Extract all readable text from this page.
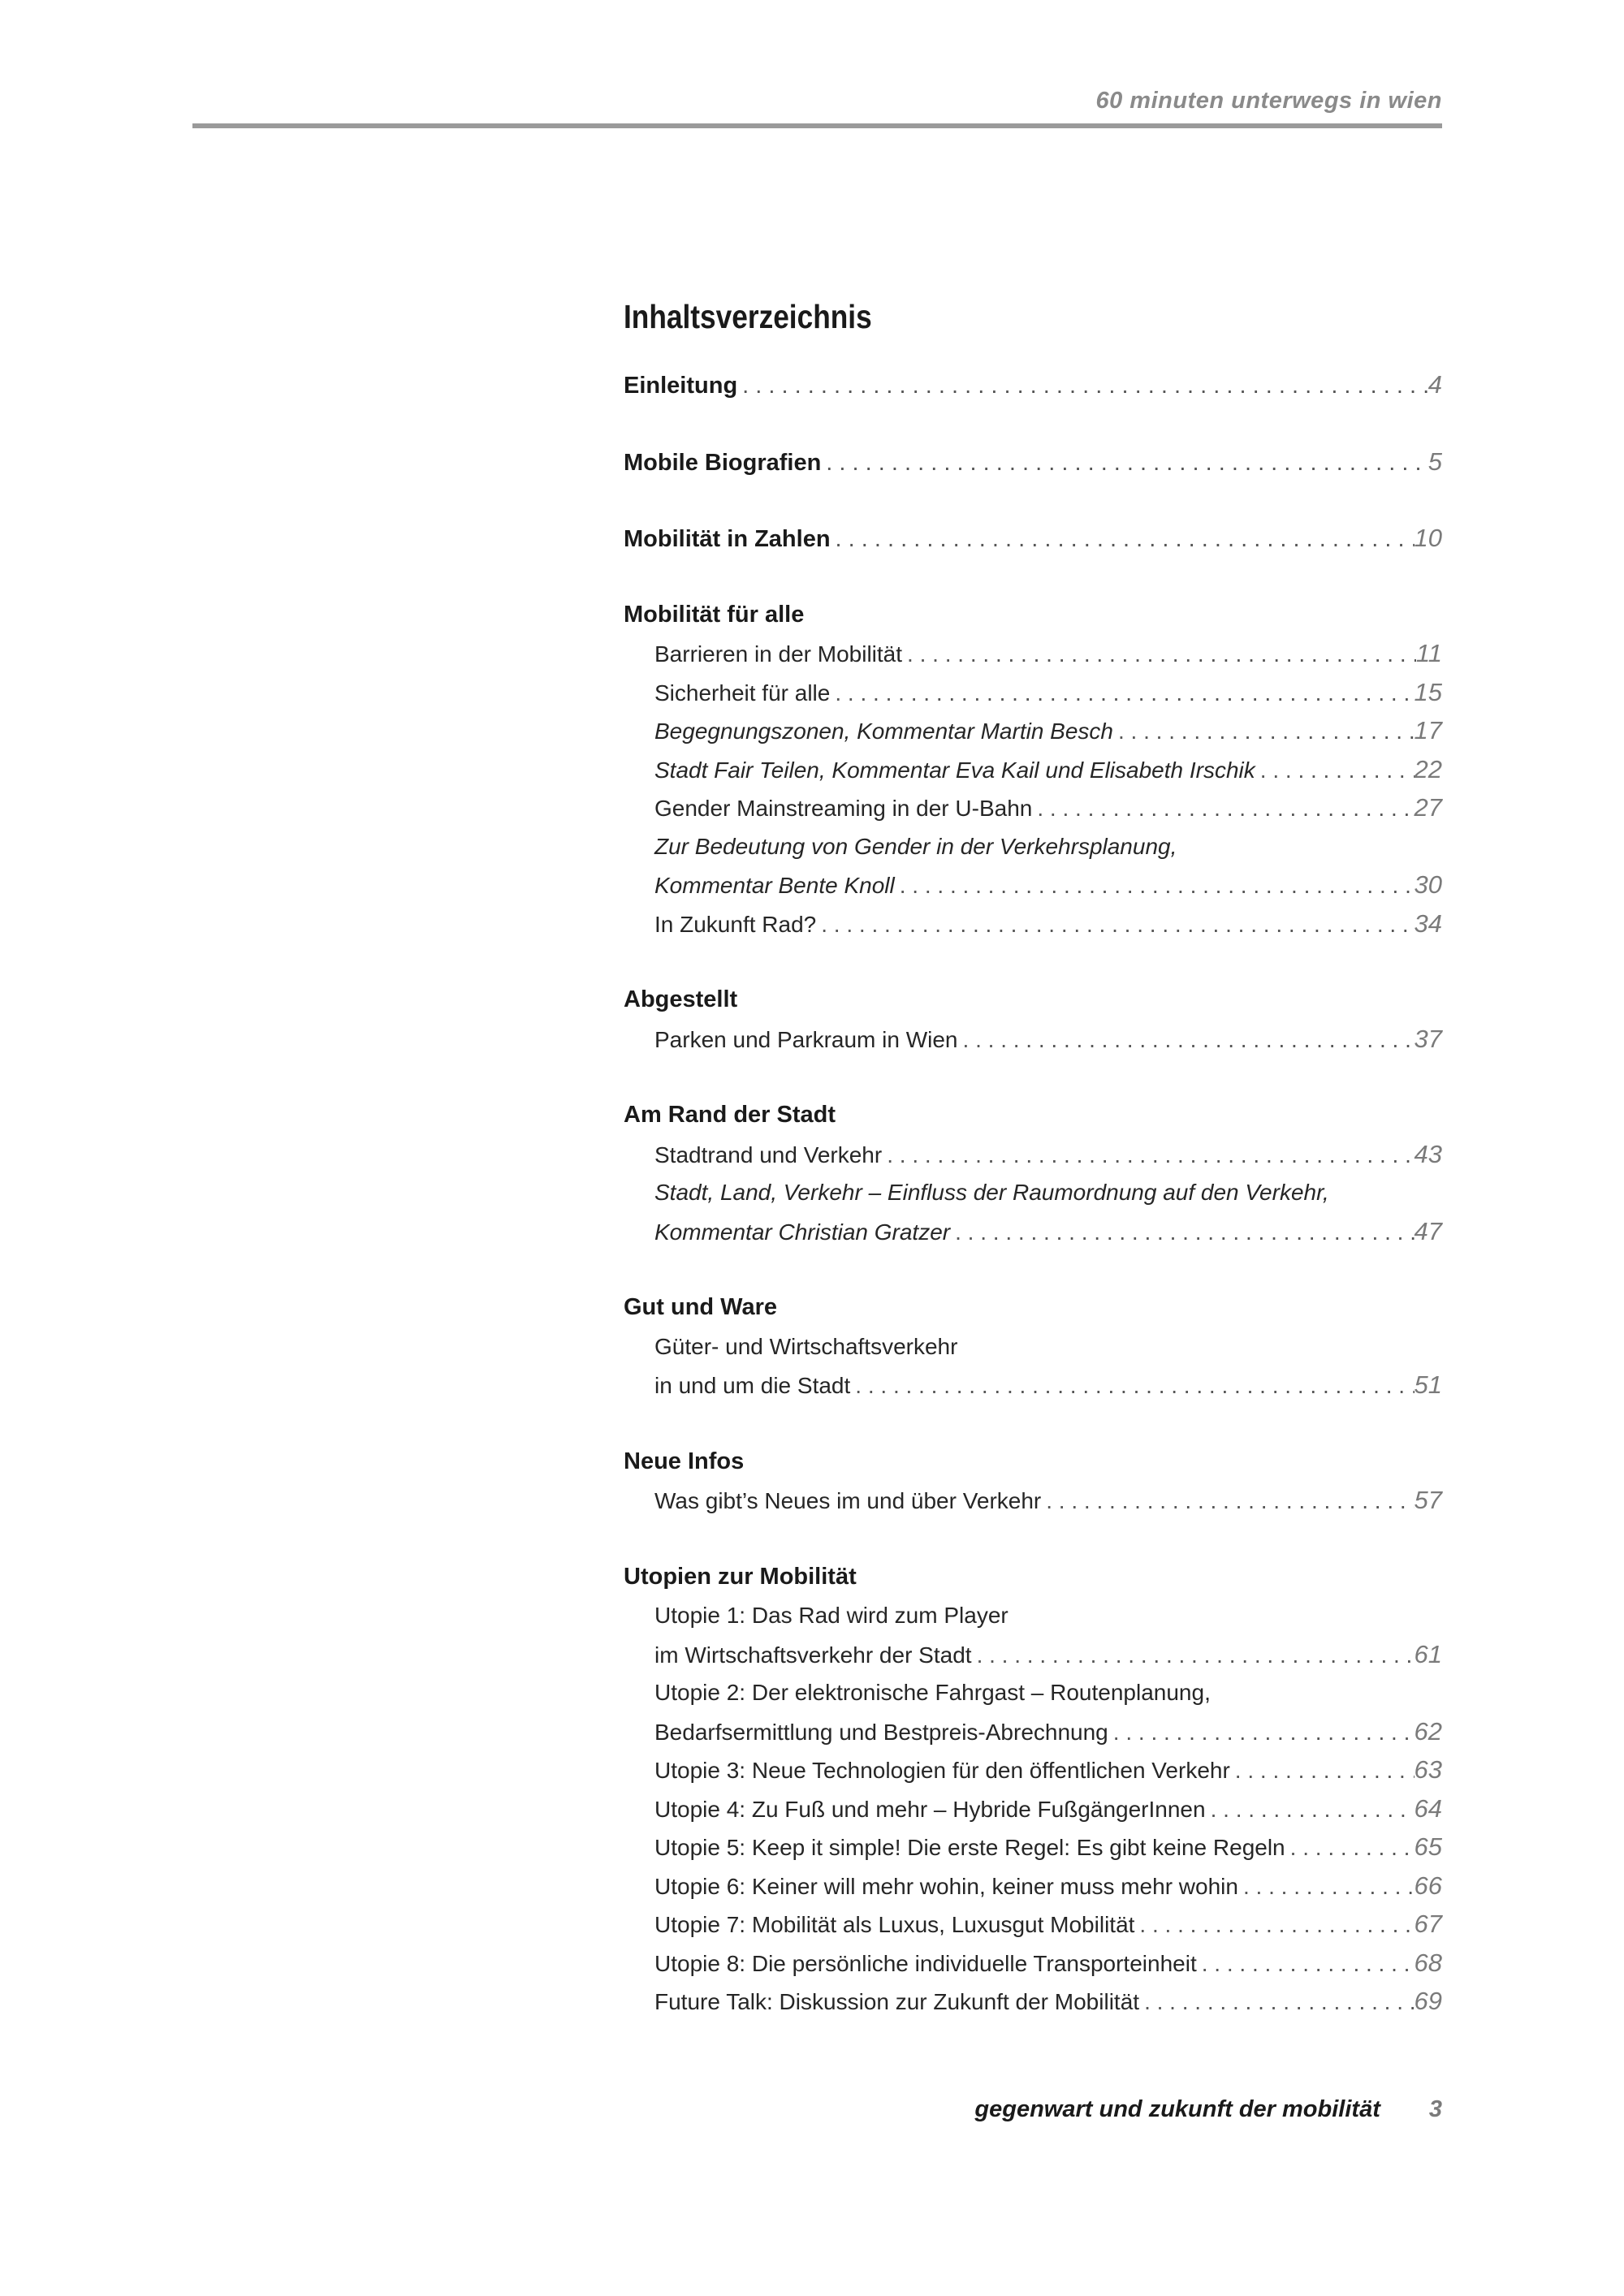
60 minuten unterwegs in wien
Inhaltsverzeichnis
Einleitung . . .	4
Mobile Biografien . . .	5
Mobilität in Zahlen . . .	10
Mobilität für alle
Barrieren in der Mobilität . . .	11
Sicherheit für alle . . .	15
Begegnungszonen, Kommentar Martin Besch . . .	17
Stadt Fair Teilen, Kommentar Eva Kail und Elisabeth Irschik . . .	22
Gender Mainstreaming in der U-Bahn . . .	27
Zur Bedeutung von Gender in der Verkehrsplanung,
Kommentar Bente Knoll . . .	30
In Zukunft Rad? . . .	34
Abgestellt
Parken und Parkraum in Wien . . .	37
Am Rand der Stadt
Stadtrand und Verkehr . . .	43
Stadt, Land, Verkehr – Einfluss der Raumordnung auf den Verkehr,
Kommentar Christian Gratzer . . .	47
Gut und Ware
Güter- und Wirtschaftsverkehr
in und um die Stadt . . .	51
Neue Infos
Was gibt’s Neues im und über Verkehr . . .	57
Utopien zur Mobilität
Utopie 1: Das Rad wird zum Player
im Wirtschaftsverkehr der Stadt . . .	61
Utopie 2: Der elektronische Fahrgast – Routenplanung,
Bedarfsermittlung und Bestpreis-Abrechnung . . .	62
Utopie 3: Neue Technologien für den öffentlichen Verkehr . . .	63
Utopie 4: Zu Fuß und mehr – Hybride FußgängerInnen . . .	64
Utopie 5: Keep it simple! Die erste Regel: Es gibt keine Regeln . . .	65
Utopie 6: Keiner will mehr wohin, keiner muss mehr wohin . . .	66
Utopie 7: Mobilität als Luxus, Luxusgut Mobilität . . .	67
Utopie 8: Die persönliche individuelle Transporteinheit . . .	68
Future Talk: Diskussion zur Zukunft der Mobilität . . .	69
gegenwart und zukunft der mobilität 3
